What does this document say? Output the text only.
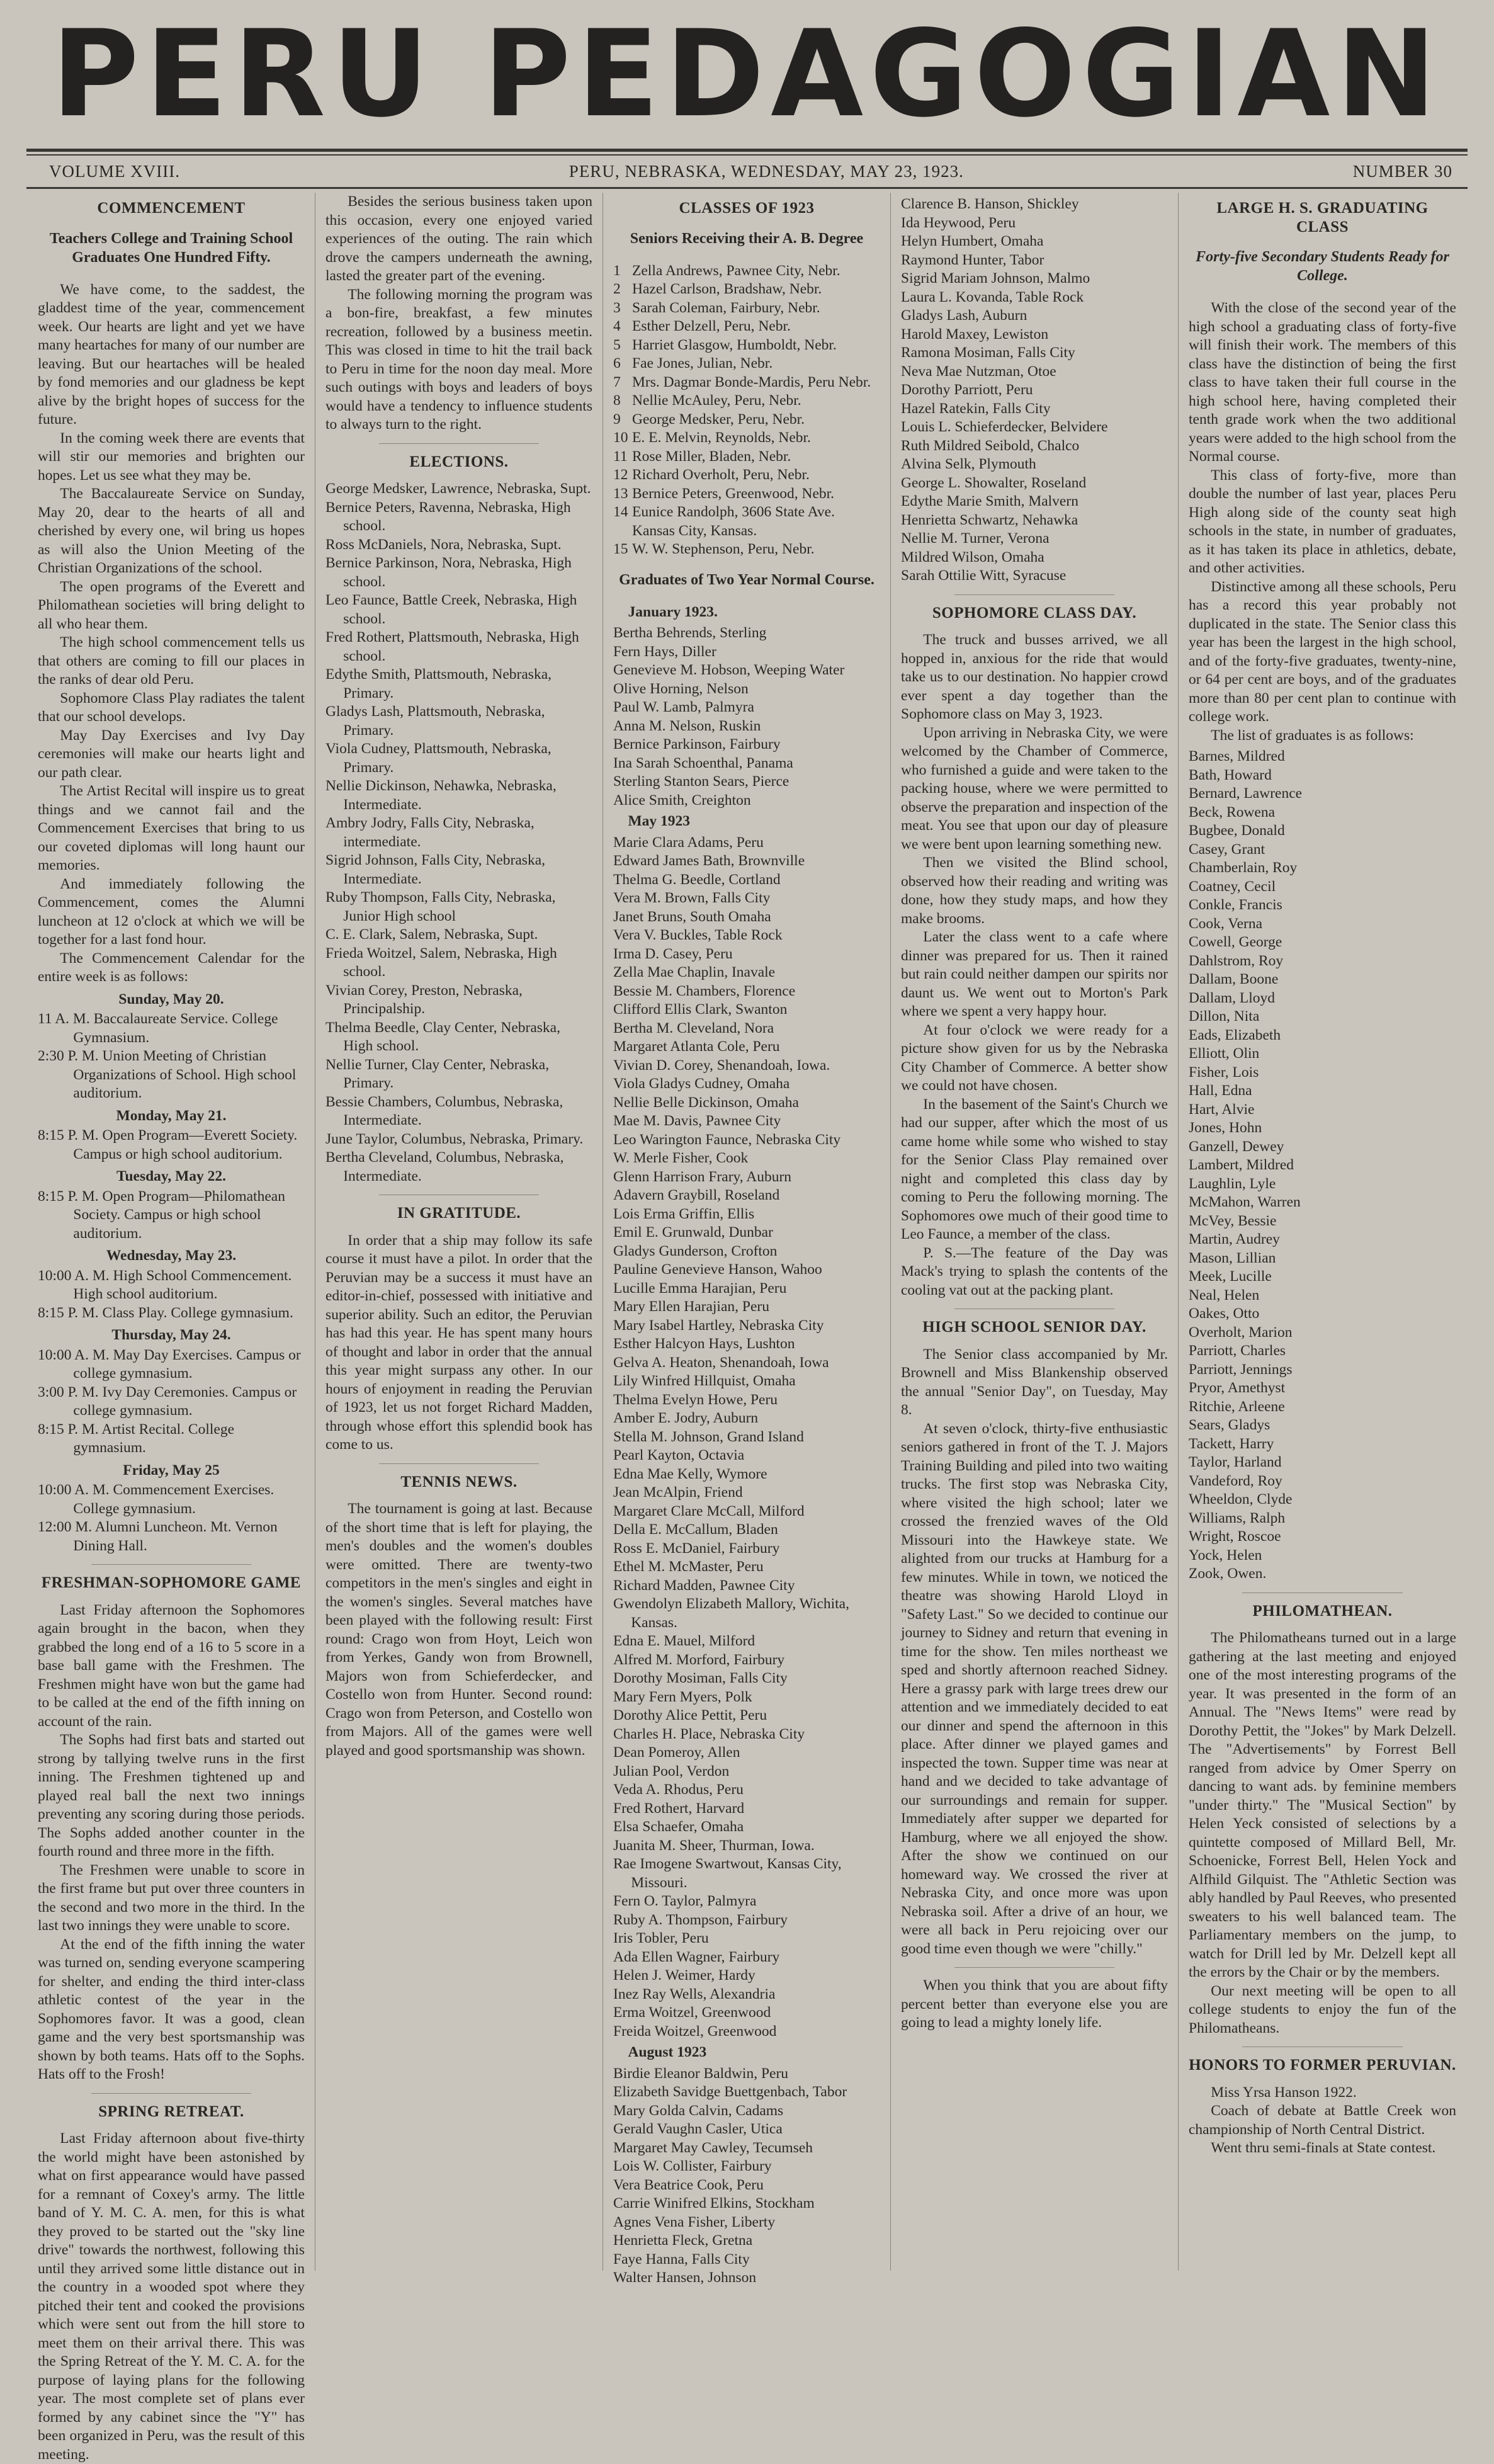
PERU PEDAGOGIAN
VOLUME XVIII.	PERU, NEBRASKA, WEDNESDAY, MAY 23, 1923.	NUMBER 30
COMMENCEMENT
Teachers College and Training School Graduates One Hundred Fifty.

We have come, to the saddest, the gladdest time of the year, commencement week. Our hearts are light and yet we have many heartaches for many of our number are leaving. But our heartaches will be healed by fond memories and our gladness be kept alive by the bright hopes of success for the future.

In the coming week there are events that will stir our memories and brighten our hopes. Let us see what they may be.

The Baccalaureate Service on Sunday, May 20, dear to the hearts of all and cherished by every one, wil bring us hopes as will also the Union Meeting of the Christian Organizations of the school.

The open programs of the Everett and Philomathean societies will bring delight to all who hear them.

The high school commencement tells us that others are coming to fill our places in the ranks of dear old Peru.

Sophomore Class Play radiates the talent that our school develops.

May Day Exercises and Ivy Day ceremonies will make our hearts light and our path clear.

The Artist Recital will inspire us to great things and we cannot fail and the Commencement Exercises that bring to us our coveted diplomas will long haunt our memories.

And immediately following the Commencement, comes the Alumni luncheon at 12 o'clock at which we will be together for a last fond hour.

The Commencement Calendar for the entire week is as follows:

Sunday, May 20.
11 A. M. Baccalaureate Service. College Gymnasium.
2:30 P. M. Union Meeting of Christian Organizations of School. High school auditorium.
Monday, May 21.
8:15 P. M. Open Program—Everett Society. Campus or high school auditorium.
Tuesday, May 22.
8:15 P. M. Open Program—Philomathean Society. Campus or high school auditorium.
Wednesday, May 23.
10:00 A. M. High School Commencement. High school auditorium.
8:15 P. M. Class Play. College gymnasium.
Thursday, May 24.
10:00 A. M. May Day Exercises. Campus or college gymnasium.
3:00 P. M. Ivy Day Ceremonies. Campus or college gymnasium.
8:15 P. M. Artist Recital. College gymnasium.
Friday, May 25
10:00 A. M. Commencement Exercises. College gymnasium.
12:00 M. Alumni Luncheon. Mt. Vernon Dining Hall.
FRESHMAN-SOPHOMORE GAME

Last Friday afternoon the Sophomores again brought in the bacon, when they grabbed the long end of a 16 to 5 score in a base ball game with the Freshmen. The Freshmen might have won but the game had to be called at the end of the fifth inning on account of the rain.

The Sophs had first bats and started out strong by tallying twelve runs in the first inning. The Freshmen tightened up and played real ball the next two innings preventing any scoring during those periods. The Sophs added another counter in the fourth round and three more in the fifth.

The Freshmen were unable to score in the first frame but put over three counters in the second and two more in the third. In the last two innings they were unable to score.

At the end of the fifth inning the water was turned on, sending everyone scampering for shelter, and ending the third inter-class athletic contest of the year in the Sophomores favor. It was a good, clean game and the very best sportsmanship was shown by both teams. Hats off to the Sophs. Hats off to the Frosh!

SPRING RETREAT.

Last Friday afternoon about five-thirty the world might have been astonished by what on first appearance would have passed for a remnant of Coxey's army. The little band of Y. M. C. A. men, for this is what they proved to be started out the "sky line drive" towards the northwest, following this until they arrived some little distance out in the country in a wooded spot where they pitched their tent and cooked the provisions which were sent out from the hill store to meet them on their arrival there. This was the Spring Retreat of the Y. M. C. A. for the purpose of laying plans for the following year. The most complete set of plans ever formed by any cabinet since the "Y" has been organized in Peru, was the result of this meeting.

Besides the serious business taken upon this occasion, every one enjoyed varied experiences of the outing. The rain which drove the campers underneath the awning, lasted the greater part of the evening.

The following morning the program was a bon-fire, breakfast, a few minutes recreation, followed by a business meetin. This was closed in time to hit the trail back to Peru in time for the noon day meal. More such outings with boys and leaders of boys would have a tendency to influence students to always turn to the right.

ELECTIONS.
George Medsker, Lawrence, Nebraska, Supt.
Bernice Peters, Ravenna, Nebraska, High school.
Ross McDaniels, Nora, Nebraska, Supt.
Bernice Parkinson, Nora, Nebraska, High school.
Leo Faunce, Battle Creek, Nebraska, High school.
Fred Rothert, Plattsmouth, Nebraska, High school.
Edythe Smith, Plattsmouth, Nebraska, Primary.
Gladys Lash, Plattsmouth, Nebraska, Primary.
Viola Cudney, Plattsmouth, Nebraska, Primary.
Nellie Dickinson, Nehawka, Nebraska, Intermediate.
Ambry Jodry, Falls City, Nebraska, intermediate.
Sigrid Johnson, Falls City, Nebraska, Intermediate.
Ruby Thompson, Falls City, Nebraska, Junior High school
C. E. Clark, Salem, Nebraska, Supt.
Frieda Woitzel, Salem, Nebraska, High school.
Vivian Corey, Preston, Nebraska, Principalship.
Thelma Beedle, Clay Center, Nebraska, High school.
Nellie Turner, Clay Center, Nebraska, Primary.
Bessie Chambers, Columbus, Nebraska, Intermediate.
June Taylor, Columbus, Nebraska, Primary.
Bertha Cleveland, Columbus, Nebraska, Intermediate.
IN GRATITUDE.

In order that a ship may follow its safe course it must have a pilot. In order that the Peruvian may be a success it must have an editor-in-chief, possessed with initiative and superior ability. Such an editor, the Peruvian has had this year. He has spent many hours of thought and labor in order that the annual this year might surpass any other. In our hours of enjoyment in reading the Peruvian of 1923, let us not forget Richard Madden, through whose effort this splendid book has come to us.

TENNIS NEWS.

The tournament is going at last. Because of the short time that is left for playing, the men's doubles and the women's doubles were omitted. There are twenty-two competitors in the men's singles and eight in the women's singles. Several matches have been played with the following result: First round: Crago won from Hoyt, Leich won from Yerkes, Gandy won from Brownell, Majors won from Schieferdecker, and Costello won from Hunter. Second round: Crago won from Peterson, and Costello won from Majors. All of the games were well played and good sportsmanship was shown.

CLASSES OF 1923
Seniors Receiving their A. B. Degree
1 Zella Andrews, Pawnee City, Nebr.
2 Hazel Carlson, Bradshaw, Nebr.
3 Sarah Coleman, Fairbury, Nebr.
4 Esther Delzell, Peru, Nebr.
5 Harriet Glasgow, Humboldt, Nebr.
6 Fae Jones, Julian, Nebr.
7 Mrs. Dagmar Bonde-Mardis, Peru Nebr.
8 Nellie McAuley, Peru, Nebr.
9 George Medsker, Peru, Nebr.
10 E. E. Melvin, Reynolds, Nebr.
11 Rose Miller, Bladen, Nebr.
12 Richard Overholt, Peru, Nebr.
13 Bernice Peters, Greenwood, Nebr.
14 Eunice Randolph, 3606 State Ave. Kansas City, Kansas.
15 W. W. Stephenson, Peru, Nebr.
Graduates of Two Year Normal Course.
January 1923.
Bertha Behrends, Sterling
Fern Hays, Diller
Genevieve M. Hobson, Weeping Water
Olive Horning, Nelson
Paul W. Lamb, Palmyra
Anna M. Nelson, Ruskin
Bernice Parkinson, Fairbury
Ina Sarah Schoenthal, Panama
Sterling Stanton Sears, Pierce
Alice Smith, Creighton
May 1923
Marie Clara Adams, Peru
Edward James Bath, Brownville
Thelma G. Beedle, Cortland
Vera M. Brown, Falls City
Janet Bruns, South Omaha
Vera V. Buckles, Table Rock
Irma D. Casey, Peru
Zella Mae Chaplin, Inavale
Bessie M. Chambers, Florence
Clifford Ellis Clark, Swanton
Bertha M. Cleveland, Nora
Margaret Atlanta Cole, Peru
Vivian D. Corey, Shenandoah, Iowa.
Viola Gladys Cudney, Omaha
Nellie Belle Dickinson, Omaha
Mae M. Davis, Pawnee City
Leo Warington Faunce, Nebraska City
W. Merle Fisher, Cook
Glenn Harrison Frary, Auburn
Adavern Graybill, Roseland
Lois Erma Griffin, Ellis
Emil E. Grunwald, Dunbar
Gladys Gunderson, Crofton
Pauline Genevieve Hanson, Wahoo
Lucille Emma Harajian, Peru
Mary Ellen Harajian, Peru
Mary Isabel Hartley, Nebraska City
Esther Halcyon Hays, Lushton
Gelva A. Heaton, Shenandoah, Iowa
Lily Winfred Hillquist, Omaha
Thelma Evelyn Howe, Peru
Amber E. Jodry, Auburn
Stella M. Johnson, Grand Island
Pearl Kayton, Octavia
Edna Mae Kelly, Wymore
Jean McAlpin, Friend
Margaret Clare McCall, Milford
Della E. McCallum, Bladen
Ross E. McDaniel, Fairbury
Ethel M. McMaster, Peru
Richard Madden, Pawnee City
Gwendolyn Elizabeth Mallory, Wichita, Kansas.
Edna E. Mauel, Milford
Alfred M. Morford, Fairbury
Dorothy Mosiman, Falls City
Mary Fern Myers, Polk
Dorothy Alice Pettit, Peru
Charles H. Place, Nebraska City
Dean Pomeroy, Allen
Julian Pool, Verdon
Veda A. Rhodus, Peru
Fred Rothert, Harvard
Elsa Schaefer, Omaha
Juanita M. Sheer, Thurman, Iowa.
Rae Imogene Swartwout, Kansas City, Missouri.
Fern O. Taylor, Palmyra
Ruby A. Thompson, Fairbury
Iris Tobler, Peru
Ada Ellen Wagner, Fairbury
Helen J. Weimer, Hardy
Inez Ray Wells, Alexandria
Erma Woitzel, Greenwood
Freida Woitzel, Greenwood
August 1923
Birdie Eleanor Baldwin, Peru
Elizabeth Savidge Buettgenbach, Tabor
Mary Golda Calvin, Cadams
Gerald Vaughn Casler, Utica
Margaret May Cawley, Tecumseh
Lois W. Collister, Fairbury
Vera Beatrice Cook, Peru
Carrie Winifred Elkins, Stockham
Agnes Vena Fisher, Liberty
Henrietta Fleck, Gretna
Faye Hanna, Falls City
Walter Hansen, Johnson
Clarence B. Hanson, Shickley
Ida Heywood, Peru
Helyn Humbert, Omaha
Raymond Hunter, Tabor
Sigrid Mariam Johnson, Malmo
Laura L. Kovanda, Table Rock
Gladys Lash, Auburn
Harold Maxey, Lewiston
Ramona Mosiman, Falls City
Neva Mae Nutzman, Otoe
Dorothy Parriott, Peru
Hazel Ratekin, Falls City
Louis L. Schieferdecker, Belvidere
Ruth Mildred Seibold, Chalco
Alvina Selk, Plymouth
George L. Showalter, Roseland
Edythe Marie Smith, Malvern
Henrietta Schwartz, Nehawka
Nellie M. Turner, Verona
Mildred Wilson, Omaha
Sarah Ottilie Witt, Syracuse
SOPHOMORE CLASS DAY.

The truck and busses arrived, we all hopped in, anxious for the ride that would take us to our destination. No happier crowd ever spent a day together than the Sophomore class on May 3, 1923.

Upon arriving in Nebraska City, we were welcomed by the Chamber of Commerce, who furnished a guide and were taken to the packing house, where we were permitted to observe the preparation and inspection of the meat. You see that upon our day of pleasure we were bent upon learning something new.

Then we visited the Blind school, observed how their reading and writing was done, how they study maps, and how they make brooms.

Later the class went to a cafe where dinner was prepared for us. Then it rained but rain could neither dampen our spirits nor daunt us. We went out to Morton's Park where we spent a very happy hour.

At four o'clock we were ready for a picture show given for us by the Nebraska City Chamber of Commerce. A better show we could not have chosen.

In the basement of the Saint's Church we had our supper, after which the most of us came home while some who wished to stay for the Senior Class Play remained over night and completed this class day by coming to Peru the following morning. The Sophomores owe much of their good time to Leo Faunce, a member of the class.

P. S.—The feature of the Day was Mack's trying to splash the contents of the cooling vat out at the packing plant.

HIGH SCHOOL SENIOR DAY.

The Senior class accompanied by Mr. Brownell and Miss Blankenship observed the annual "Senior Day", on Tuesday, May 8.

At seven o'clock, thirty-five enthusiastic seniors gathered in front of the T. J. Majors Training Building and piled into two waiting trucks. The first stop was Nebraska City, where visited the high school; later we crossed the frenzied waves of the Old Missouri into the Hawkeye state. We alighted from our trucks at Hamburg for a few minutes. While in town, we noticed the theatre was showing Harold Lloyd in "Safety Last." So we decided to continue our journey to Sidney and return that evening in time for the show. Ten miles northeast we sped and shortly afternoon reached Sidney. Here a grassy park with large trees drew our attention and we immediately decided to eat our dinner and spend the afternoon in this place. After dinner we played games and inspected the town. Supper time was near at hand and we decided to take advantage of our surroundings and remain for supper. Immediately after supper we departed for Hamburg, where we all enjoyed the show. After the show we continued on our homeward way. We crossed the river at Nebraska City, and once more was upon Nebraska soil. After a drive of an hour, we were all back in Peru rejoicing over our good time even though we were "chilly."

When you think that you are about fifty percent better than everyone else you are going to lead a mighty lonely life.

LARGE H. S. GRADUATING CLASS
Forty-five Secondary Students Ready for College.

With the close of the second year of the high school a graduating class of forty-five will finish their work. The members of this class have the distinction of being the first class to have taken their full course in the high school here, having completed their tenth grade work when the two additional years were added to the high school from the Normal course.

This class of forty-five, more than double the number of last year, places Peru High along side of the county seat high schools in the state, in number of graduates, as it has taken its place in athletics, debate, and other activities.

Distinctive among all these schools, Peru has a record this year probably not duplicated in the state. The Senior class this year has been the largest in the high school, and of the forty-five graduates, twenty-nine, or 64 per cent are boys, and of the graduates more than 80 per cent plan to continue with college work.

The list of graduates is as follows:

Barnes, Mildred
Bath, Howard
Bernard, Lawrence
Beck, Rowena
Bugbee, Donald
Casey, Grant
Chamberlain, Roy
Coatney, Cecil
Conkle, Francis
Cook, Verna
Cowell, George
Dahlstrom, Roy
Dallam, Boone
Dallam, Lloyd
Dillon, Nita
Eads, Elizabeth
Elliott, Olin
Fisher, Lois
Hall, Edna
Hart, Alvie
Jones, Hohn
Ganzell, Dewey
Lambert, Mildred
Laughlin, Lyle
McMahon, Warren
McVey, Bessie
Martin, Audrey
Mason, Lillian
Meek, Lucille
Neal, Helen
Oakes, Otto
Overholt, Marion
Parriott, Charles
Parriott, Jennings
Pryor, Amethyst
Ritchie, Arleene
Sears, Gladys
Tackett, Harry
Taylor, Harland
Vandeford, Roy
Wheeldon, Clyde
Williams, Ralph
Wright, Roscoe
Yock, Helen
Zook, Owen.
PHILOMATHEAN.

The Philomatheans turned out in a large gathering at the last meeting and enjoyed one of the most interesting programs of the year. It was presented in the form of an Annual. The "News Items" were read by Dorothy Pettit, the "Jokes" by Mark Delzell. The "Advertisements" by Forrest Bell ranged from advice by Omer Sperry on dancing to want ads. by feminine members "under thirty." The "Musical Section" by Helen Yeck consisted of selections by a quintette composed of Millard Bell, Mr. Schoenicke, Forrest Bell, Helen Yock and Alfhild Gilquist. The "Athletic Section was ably handled by Paul Reeves, who presented sweaters to his well balanced team. The Parliamentary members on the jump, to watch for Drill led by Mr. Delzell kept all the errors by the Chair or by the members.

Our next meeting will be open to all college students to enjoy the fun of the Philomatheans.

HONORS TO FORMER PERUVIAN.

Miss Yrsa Hanson 1922.

Coach of debate at Battle Creek won championship of North Central District.

Went thru semi-finals at State contest.
